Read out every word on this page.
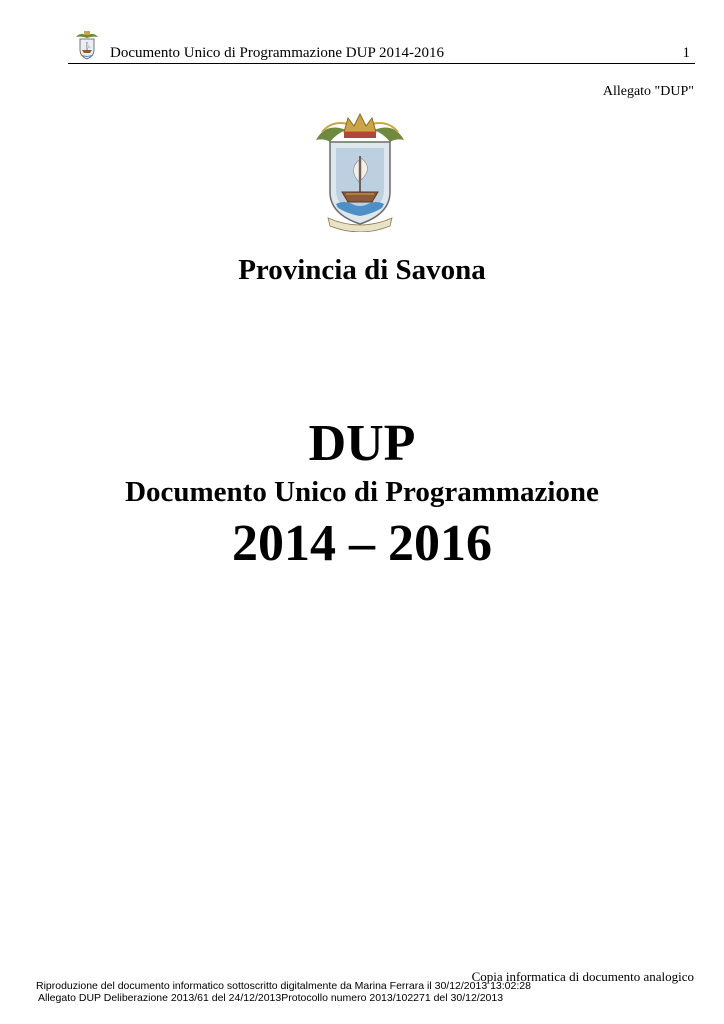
Documento Unico di Programmazione DUP 2014-2016	1
Allegato "DUP"
Provincia di Savona
DUP
Documento Unico di Programmazione
2014 – 2016
Copia informatica di documento analogico
Riproduzione del documento informatico sottoscritto digitalmente da Marina Ferrara il 30/12/2013 13:02:28
Allegato DUP Deliberazione 2013/61 del 24/12/2013Protocollo numero 2013/102271 del 30/12/2013
